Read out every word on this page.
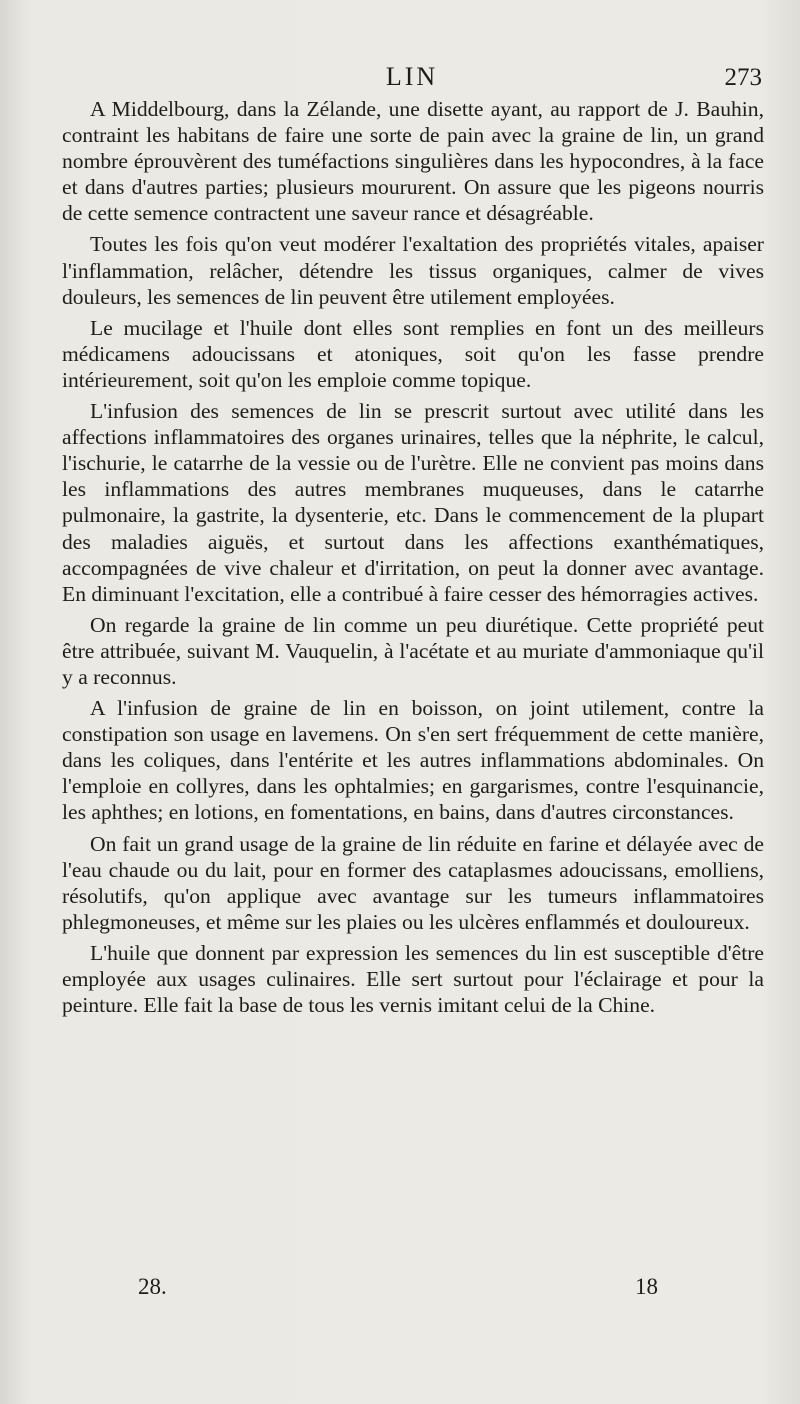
LIN	273

A Middelbourg, dans la Zélande, une disette ayant, au rapport de J. Bauhin, contraint les habitans de faire une sorte de pain avec la graine de lin, un grand nombre éprouvèrent des tuméfactions singulières dans les hypocondres, à la face et dans d'autres parties; plusieurs moururent. On assure que les pigeons nourris de cette semence contractent une saveur rance et désagréable.

Toutes les fois qu'on veut modérer l'exaltation des propriétés vitales, apaiser l'inflammation, relâcher, détendre les tissus organiques, calmer de vives douleurs, les semences de lin peuvent être utilement employées.

Le mucilage et l'huile dont elles sont remplies en font un des meilleurs médicamens adoucissans et atoniques, soit qu'on les fasse prendre intérieurement, soit qu'on les emploie comme topique.

L'infusion des semences de lin se prescrit surtout avec utilité dans les affections inflammatoires des organes urinaires, telles que la néphrite, le calcul, l'ischurie, le catarrhe de la vessie ou de l'urètre. Elle ne convient pas moins dans les inflammations des autres membranes muqueuses, dans le catarrhe pulmonaire, la gastrite, la dysenterie, etc. Dans le commencement de la plupart des maladies aiguës, et surtout dans les affections exanthématiques, accompagnées de vive chaleur et d'irritation, on peut la donner avec avantage. En diminuant l'excitation, elle a contribué à faire cesser des hémorragies actives.

On regarde la graine de lin comme un peu diurétique. Cette propriété peut être attribuée, suivant M. Vauquelin, à l'acétate et au muriate d'ammoniaque qu'il y a reconnus.

A l'infusion de graine de lin en boisson, on joint utilement, contre la constipation son usage en lavemens. On s'en sert fréquemment de cette manière, dans les coliques, dans l'entérite et les autres inflammations abdominales. On l'emploie en collyres, dans les ophtalmies; en gargarismes, contre l'esquinancie, les aphthes; en lotions, en fomentations, en bains, dans d'autres circonstances.

On fait un grand usage de la graine de lin réduite en farine et délayée avec de l'eau chaude ou du lait, pour en former des cataplasmes adoucissans, emolliens, résolutifs, qu'on applique avec avantage sur les tumeurs inflammatoires phlegmoneuses, et même sur les plaies ou les ulcères enflammés et douloureux.

L'huile que donnent par expression les semences du lin est susceptible d'être employée aux usages culinaires. Elle sert surtout pour l'éclairage et pour la peinture. Elle fait la base de tous les vernis imitant celui de la Chine.

28.	18
